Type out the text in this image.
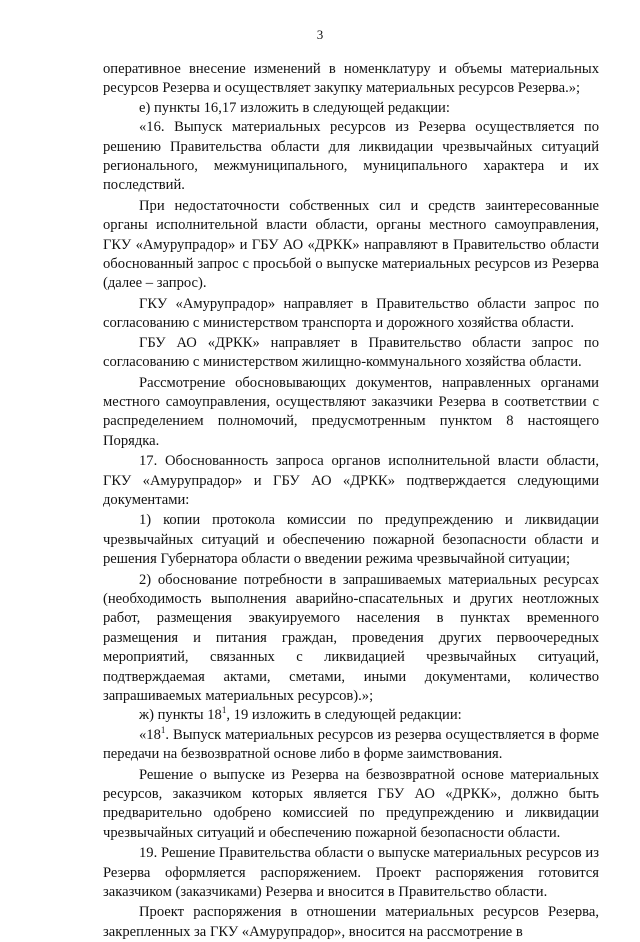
3

оперативное внесение изменений в номенклатуру и объемы материальных ресурсов Резерва и осуществляет закупку материальных ресурсов Резерва.»;

е) пункты 16,17 изложить в следующей редакции:

«16. Выпуск материальных ресурсов из Резерва осуществляется по решению Правительства области для ликвидации чрезвычайных ситуаций регионального, межмуниципального, муниципального характера и их последствий.

При недостаточности собственных сил и средств заинтересованные органы исполнительной власти области, органы местного самоуправления, ГКУ «Амурупрадор» и ГБУ АО «ДРКК» направляют в Правительство области обоснованный запрос с просьбой о выпуске материальных ресурсов из Резерва (далее – запрос).

ГКУ «Амурупрадор» направляет в Правительство области запрос по согласованию с министерством транспорта и дорожного хозяйства области.

ГБУ АО «ДРКК» направляет в Правительство области запрос по согласованию с министерством жилищно-коммунального хозяйства области.

Рассмотрение обосновывающих документов, направленных органами местного самоуправления, осуществляют заказчики Резерва в соответствии с распределением полномочий, предусмотренным пунктом 8 настоящего Порядка.

17. Обоснованность запроса органов исполнительной власти области, ГКУ «Амурупрадор» и ГБУ АО «ДРКК» подтверждается следующими документами:

1) копии протокола комиссии по предупреждению и ликвидации чрезвычайных ситуаций и обеспечению пожарной безопасности области и решения Губернатора области о введении режима чрезвычайной ситуации;

2) обоснование потребности в запрашиваемых материальных ресурсах (необходимость выполнения аварийно-спасательных и других неотложных работ, размещения эвакуируемого населения в пунктах временного размещения и питания граждан, проведения других первоочередных мероприятий, связанных с ликвидацией чрезвычайных ситуаций, подтверждаемая актами, сметами, иными документами, количество запрашиваемых материальных ресурсов).»;

ж) пункты $18^1$, 19 изложить в следующей редакции:

«$18^1$. Выпуск материальных ресурсов из резерва осуществляется в форме передачи на безвозвратной основе либо в форме заимствования.

Решение о выпуске из Резерва на безвозвратной основе материальных ресурсов, заказчиком которых является ГБУ АО «ДРКК», должно быть предварительно одобрено комиссией по предупреждению и ликвидации чрезвычайных ситуаций и обеспечению пожарной безопасности области.

19. Решение Правительства области о выпуске материальных ресурсов из Резерва оформляется распоряжением. Проект распоряжения готовится заказчиком (заказчиками) Резерва и вносится в Правительство области.

Проект распоряжения в отношении материальных ресурсов Резерва, закрепленных за ГКУ «Амурупрадор», вносится на рассмотрение в
